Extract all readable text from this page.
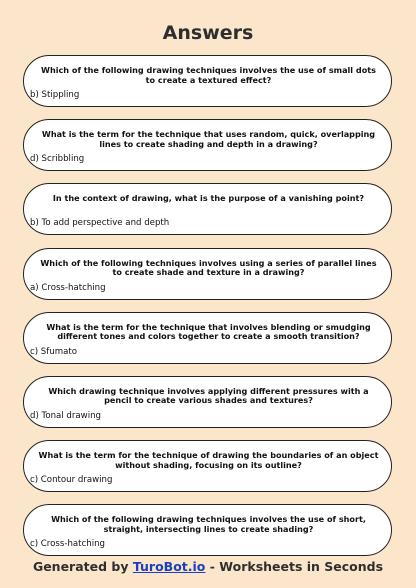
Answers
Which of the following drawing techniques involves the use of small dots to create a textured effect?
b) Stippling
What is the term for the technique that uses random, quick, overlapping lines to create shading and depth in a drawing?
d) Scribbling
In the context of drawing, what is the purpose of a vanishing point?
b) To add perspective and depth
Which of the following techniques involves using a series of parallel lines to create shade and texture in a drawing?
a) Cross-hatching
What is the term for the technique that involves blending or smudging different tones and colors together to create a smooth transition?
c) Sfumato
Which drawing technique involves applying different pressures with a pencil to create various shades and textures?
d) Tonal drawing
What is the term for the technique of drawing the boundaries of an object without shading, focusing on its outline?
c) Contour drawing
Which of the following drawing techniques involves the use of short, straight, intersecting lines to create shading?
c) Cross-hatching
Generated by TuroBot.io - Worksheets in Seconds
